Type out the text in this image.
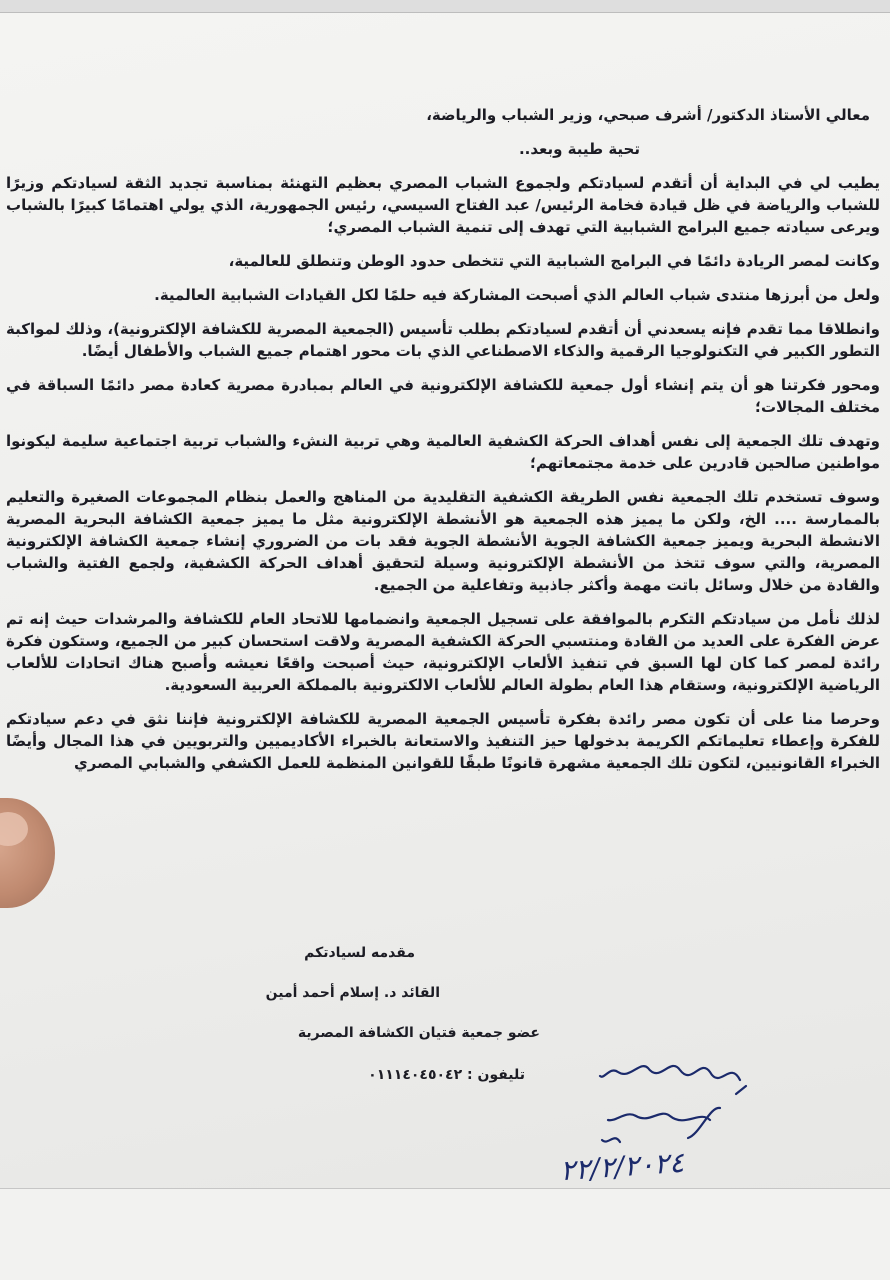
معالي الأستاذ الدكتور/ أشرف صبحي، وزير الشباب والرياضة،
تحية طيبة وبعد..

يطيب لي في البداية أن أتقدم لسيادتكم ولجموع الشباب المصري بعظيم التهنئة بمناسبة تجديد الثقة لسيادتكم وزيرًا للشباب والرياضة في ظل قيادة فخامة الرئيس/ عبد الفتاح السيسي، رئيس الجمهورية، الذي يولي اهتمامًا كبيرًا بالشباب ويرعى سيادته جميع البرامج الشبابية التي تهدف إلى تنمية الشباب المصري؛

وكانت لمصر الريادة دائمًا في البرامج الشبابية التي تتخطى حدود الوطن وتنطلق للعالمية،

ولعل من أبرزها منتدى شباب العالم الذي أصبحت المشاركة فيه حلمًا لكل القيادات الشبابية العالمية.

وانطلاقا مما تقدم فإنه يسعدني أن أتقدم لسيادتكم بطلب تأسيس (الجمعية المصرية للكشافة الإلكترونية)، وذلك لمواكبة التطور الكبير في التكنولوجيا الرقمية والذكاء الاصطناعي الذي بات محور اهتمام جميع الشباب والأطفال أيضًا.

ومحور فكرتنا هو أن يتم إنشاء أول جمعية للكشافة الإلكترونية في العالم بمبادرة مصرية كعادة مصر دائمًا السباقة في مختلف المجالات؛

وتهدف تلك الجمعية إلى نفس أهداف الحركة الكشفية العالمية وهي تربية النشء والشباب تربية اجتماعية سليمة ليكونوا مواطنين صالحين قادرين على خدمة مجتمعاتهم؛

وسوف تستخدم تلك الجمعية نفس الطريقة الكشفية التقليدية من المناهج والعمل بنظام المجموعات الصغيرة والتعليم بالممارسة .... الخ، ولكن ما يميز هذه الجمعية هو الأنشطة الإلكترونية مثل ما يميز جمعية الكشافة البحرية المصرية الانشطة البحرية ويميز جمعية الكشافة الجوية الأنشطة الجوية فقد بات من الضروري إنشاء جمعية الكشافة الإلكترونية المصرية، والتي سوف تتخذ من الأنشطة الإلكترونية وسيلة لتحقيق أهداف الحركة الكشفية، ولجمع الفتية والشباب والقادة من خلال وسائل باتت مهمة وأكثر جاذبية وتفاعلية من الجميع.

لذلك نأمل من سيادتكم التكرم بالموافقة على تسجيل الجمعية وانضمامها للاتحاد العام للكشافة والمرشدات حيث إنه تم عرض الفكرة على العديد من القادة ومنتسبي الحركة الكشفية المصرية ولاقت استحسان كبير من الجميع، وستكون فكرة رائدة لمصر كما كان لها السبق في تنفيذ الألعاب الإلكترونية، حيث أصبحت واقعًا نعيشه وأصبح هناك اتحادات للألعاب الرياضية الإلكترونية، وستقام هذا العام بطولة العالم للألعاب الالكترونية بالمملكة العربية السعودية.

وحرصا منا على أن تكون مصر رائدة بفكرة تأسيس الجمعية المصرية للكشافة الإلكترونية فإننا نثق في دعم سيادتكم للفكرة وإعطاء تعليماتكم الكريمة بدخولها حيز التنفيذ والاستعانة بالخبراء الأكاديميين والتربويين في هذا المجال وأيضًا الخبراء القانونيين، لتكون تلك الجمعية مشهرة قانونًا طبقًا للقوانين المنظمة للعمل الكشفي والشبابي المصري

مقدمه لسيادتكم
القائد د. إسلام أحمد أمين
عضو جمعية فتيان الكشافة المصرية
تليفون : ٠١١١٤٠٤٥٠٤٢
٢٢/٢/٢٠٢٤
